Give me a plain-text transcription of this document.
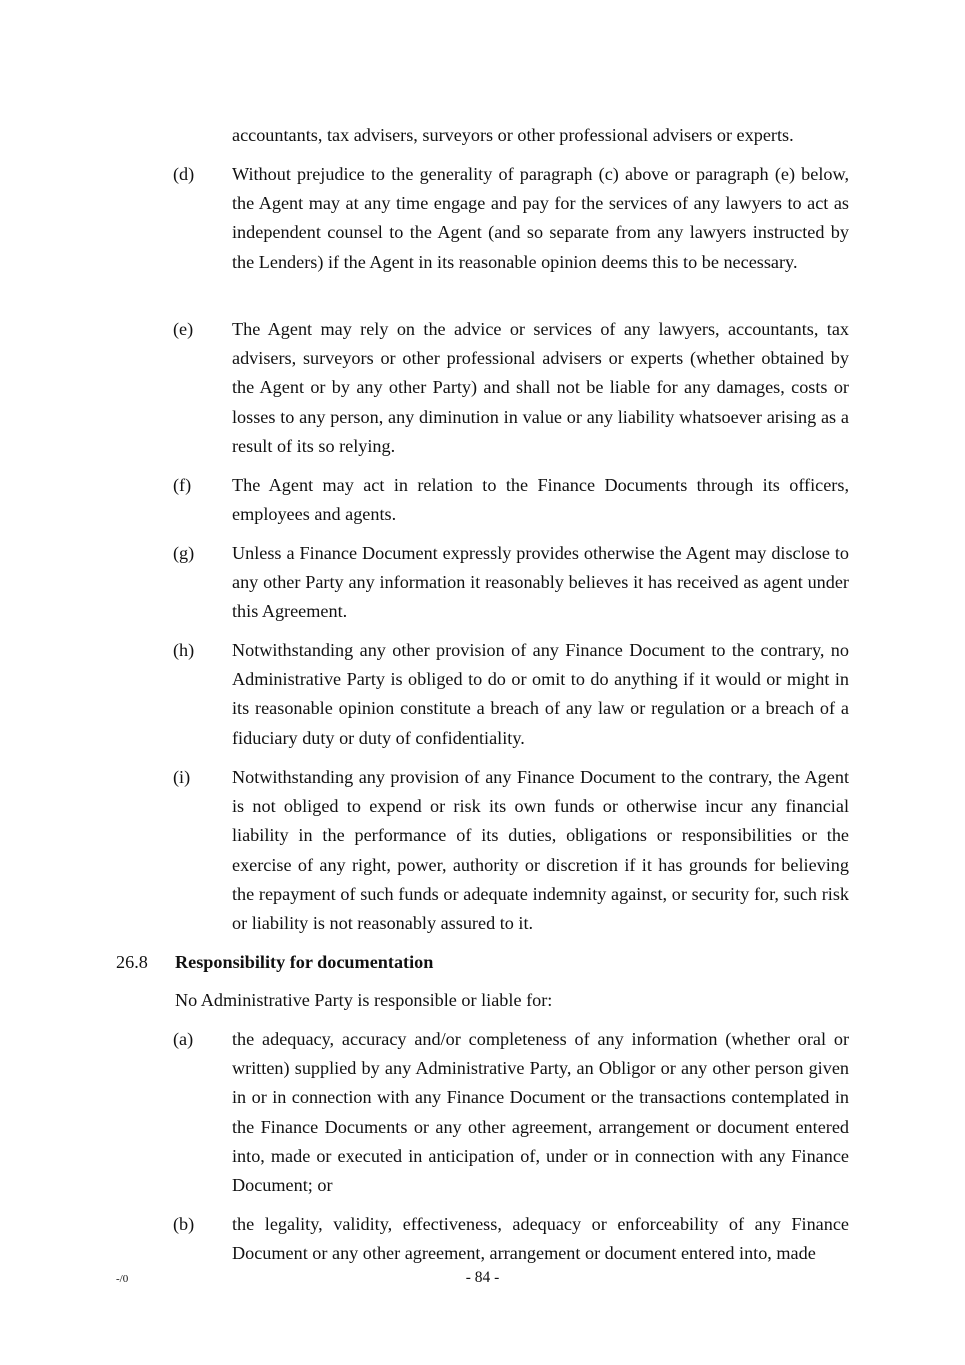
accountants, tax advisers, surveyors or other professional advisers or experts.

(d) Without prejudice to the generality of paragraph (c) above or paragraph (e) below, the Agent may at any time engage and pay for the services of any lawyers to act as independent counsel to the Agent (and so separate from any lawyers instructed by the Lenders) if the Agent in its reasonable opinion deems this to be necessary.

(e) The Agent may rely on the advice or services of any lawyers, accountants, tax advisers, surveyors or other professional advisers or experts (whether obtained by the Agent or by any other Party) and shall not be liable for any damages, costs or losses to any person, any diminution in value or any liability whatsoever arising as a result of its so relying.

(f) The Agent may act in relation to the Finance Documents through its officers, employees and agents.

(g) Unless a Finance Document expressly provides otherwise the Agent may disclose to any other Party any information it reasonably believes it has received as agent under this Agreement.

(h) Notwithstanding any other provision of any Finance Document to the contrary, no Administrative Party is obliged to do or omit to do anything if it would or might in its reasonable opinion constitute a breach of any law or regulation or a breach of a fiduciary duty or duty of confidentiality.

(i) Notwithstanding any provision of any Finance Document to the contrary, the Agent is not obliged to expend or risk its own funds or otherwise incur any financial liability in the performance of its duties, obligations or responsibilities or the exercise of any right, power, authority or discretion if it has grounds for believing the repayment of such funds or adequate indemnity against, or security for, such risk or liability is not reasonably assured to it.

26.8 Responsibility for documentation
No Administrative Party is responsible or liable for:
(a) the adequacy, accuracy and/or completeness of any information (whether oral or written) supplied by any Administrative Party, an Obligor or any other person given in or in connection with any Finance Document or the transactions contemplated in the Finance Documents or any other agreement, arrangement or document entered into, made or executed in anticipation of, under or in connection with any Finance Document; or

(b) the legality, validity, effectiveness, adequacy or enforceability of any Finance Document or any other agreement, arrangement or document entered into, made

-/0	- 84 -
